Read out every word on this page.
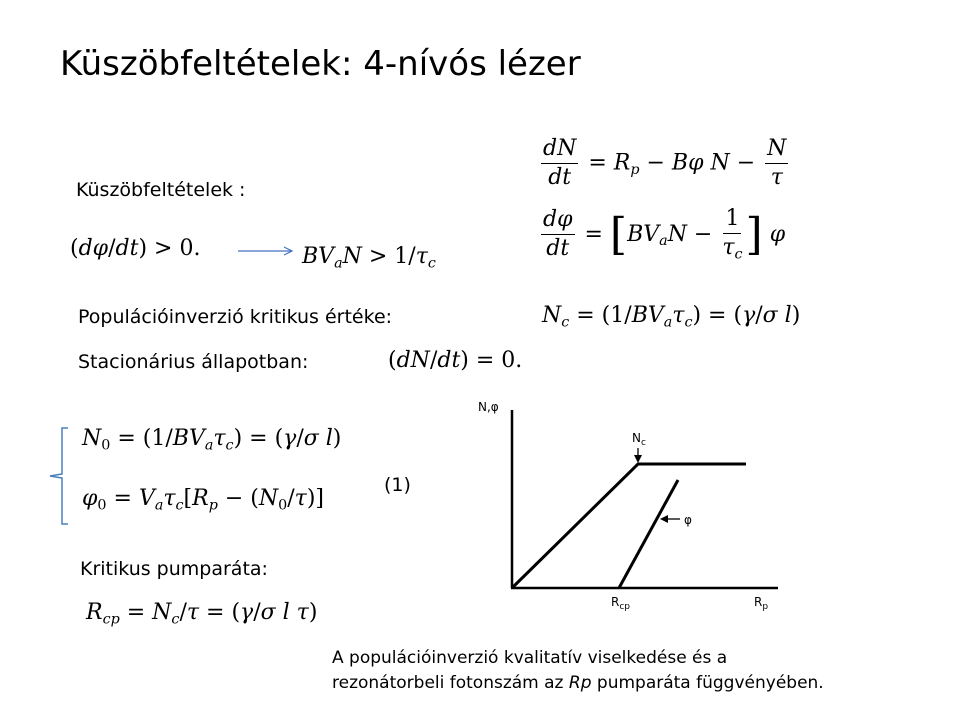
Küszöbfeltételek: 4-nívós lézer
$\frac{dN}{dt} = R_p - B\varphi$ $N - \frac{N}{\tau}$
$\frac{d\varphi}{dt} = [BV_aN - \frac{1}{\tau_c}$ ] φ
Küszöbfeltételek :
(dφ/dt) > 0.	$BV_aN > 1/\tau_c$
Populációinverzió kritikus értéke:	$N_c = (1/BV_a\tau_c) = (\gamma/\sigma$ l)
Stacionárius állapotban:	(dN/dt) = 0.
$N_0 = (1/BV_a\tau_c) = (\gamma/\sigma$ l)
$\varphi_0 = V_a\tau_c[R_p - (N_0/\tau)]$
(1)
Kritikus pumparáta:
$R_{cp} = N_c/\tau = (\gamma/\sigma$ l τ)
N,φ
$N_c$
φ
$R_{cp}$	$R_p$
A populációinverzió kvalitatív viselkedése és a
rezonátorbeli fotonszám az Rp pumparáta függvényében.
